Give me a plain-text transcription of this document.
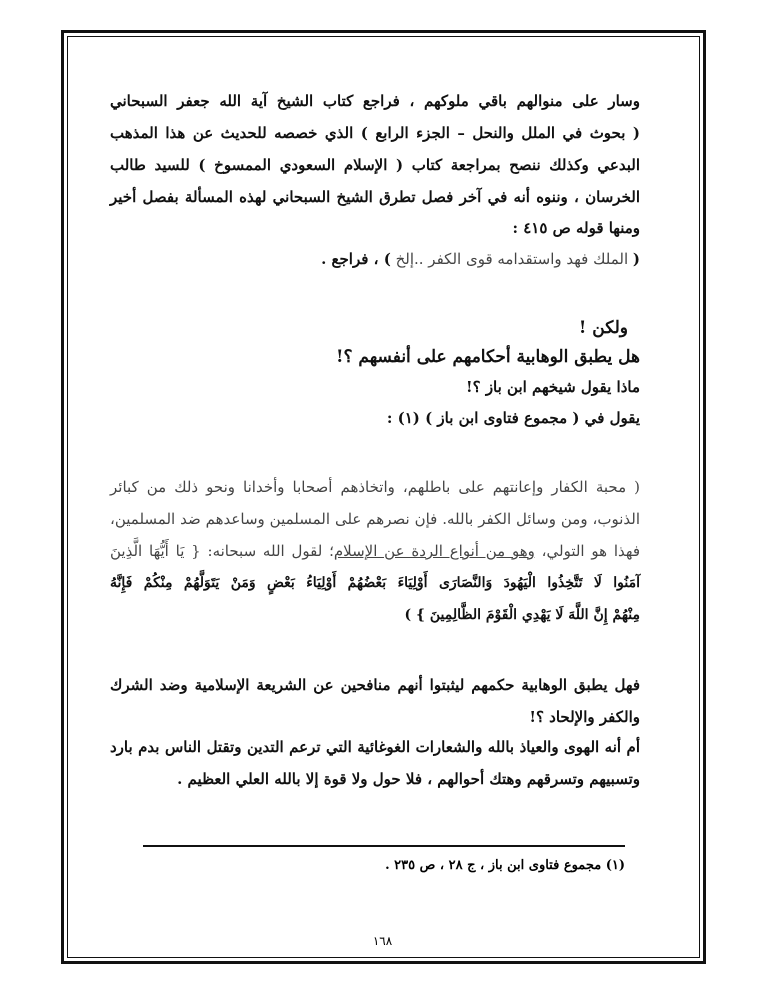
وسار على منوالهم باقي ملوكهم ، فراجع كتاب الشيخ آية الله جعفر السبحاني
( بحوث في الملل والنحل – الجزء الرابع ) الذي خصصه للحديث عن هذا المذهب
البدعي وكذلك ننصح بمراجعة كتاب ( الإسلام السعودي الممسوخ ) للسيد طالب
الخرسان ، وننوه أنه في آخر فصل تطرق الشيخ السبحاني لهذه المسألة بفصل أخير
ومنها قوله ص ٤١٥ :
( الملك فهد واستقدامه قوى الكفر ..إلخ ) ، فراجع .
ولكن !
هل يطبق الوهابية أحكامهم على أنفسهم ؟!
ماذا يقول شيخهم ابن باز ؟!
يقول في ( مجموع فتاوى ابن باز ) (١) :
( محبة الكفار وإعانتهم على باطلهم، واتخاذهم أصحابا وأخدانا ونحو ذلك من كبائر
الذنوب، ومن وسائل الكفر بالله. فإن نصرهم على المسلمين وساعدهم ضد المسلمين،
فهذا هو التولي، وهو من أنواع الردة عن الإسلام؛ لقول الله سبحانه: { يَا أَيُّهَا الَّذِينَ
آمَنُوا لَا تَتَّخِذُوا الْيَهُودَ وَالنَّصَارَى أَوْلِيَاءَ بَعْضُهُمْ أَوْلِيَاءُ بَعْضٍ وَمَنْ يَتَوَلَّهُمْ مِنْكُمْ فَإِنَّهُ
مِنْهُمْ إِنَّ اللَّهَ لَا يَهْدِي الْقَوْمَ الظَّالِمِينَ } )
فهل يطبق الوهابية حكمهم ليثبتوا أنهم منافحين عن الشريعة الإسلامية وضد الشرك
والكفر والإلحاد ؟!
أم أنه الهوى والعياذ بالله والشعارات الغوغائية التي ترعم التدين وتقتل الناس بدم بارد
وتسبيهم وتسرقهم وهتك أحوالهم ، فلا حول ولا قوة إلا بالله العلي العظيم .
(١) مجموع فتاوى ابن باز ، ج ٢٨ ، ص ٢٣٥ .
١٦٨
